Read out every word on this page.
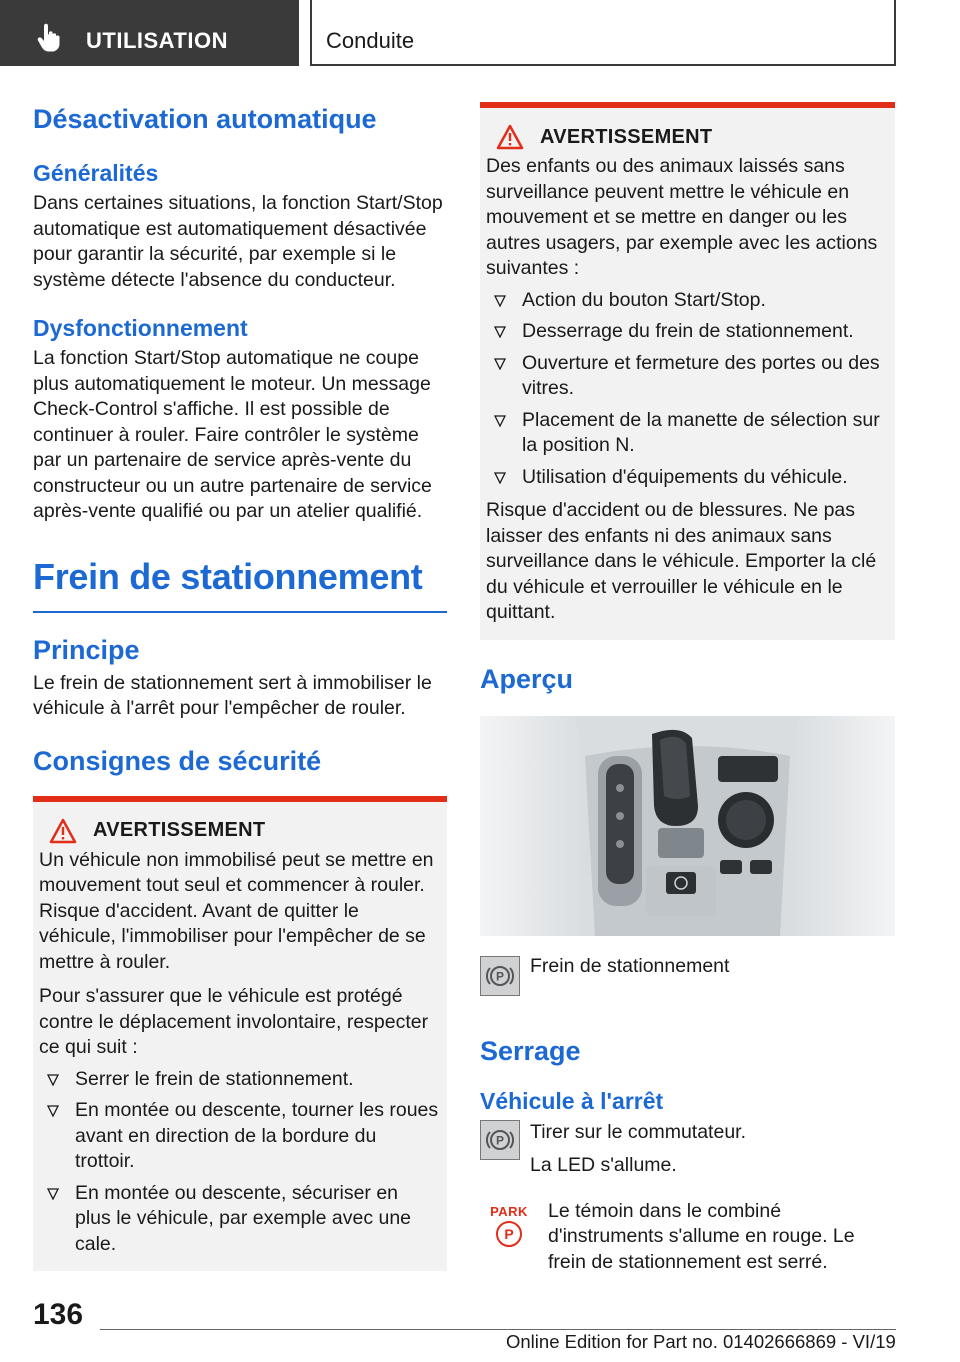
UTILISATION	Conduite
Désactivation automatique
Généralités

Dans certaines situations, la fonction Start/Stop automatique est automatiquement désactivée pour garantir la sécurité, par exemple si le système détecte l'absence du conducteur.

Dysfonctionnement

La fonction Start/Stop automatique ne coupe plus automatiquement le moteur. Un message Check-Control s'affiche. Il est possible de continuer à rouler. Faire contrôler le système par un partenaire de service après-vente du constructeur ou un autre partenaire de service après-vente qualifié ou par un atelier qualifié.

Frein de stationnement
Principe

Le frein de stationnement sert à immobiliser le véhicule à l'arrêt pour l'empêcher de rouler.

Consignes de sécurité
AVERTISSEMENT

Un véhicule non immobilisé peut se mettre en mouvement tout seul et commencer à rouler. Risque d'accident. Avant de quitter le véhicule, l'immobiliser pour l'empêcher de se mettre à rouler.

Pour s'assurer que le véhicule est protégé contre le déplacement involontaire, respecter ce qui suit :

Serrer le frein de stationnement.
En montée ou descente, tourner les roues avant en direction de la bordure du trottoir.
En montée ou descente, sécuriser en plus le véhicule, par exemple avec une cale.
AVERTISSEMENT

Des enfants ou des animaux laissés sans surveillance peuvent mettre le véhicule en mouvement et se mettre en danger ou les autres usagers, par exemple avec les actions suivantes :

Action du bouton Start/Stop.
Desserrage du frein de stationnement.
Ouverture et fermeture des portes ou des vitres.
Placement de la manette de sélection sur la position N.
Utilisation d'équipements du véhicule.

Risque d'accident ou de blessures. Ne pas laisser des enfants ni des animaux sans surveillance dans le véhicule. Emporter la clé du véhicule et verrouiller le véhicule en le quittant.

Aperçu
P Frein de stationnement

Serrage
Véhicule à l'arrêt
P Tirer sur le commutateur.

La LED s'allume.

PARK
P

Le témoin dans le combiné d'instruments s'allume en rouge. Le frein de stationnement est serré.

136
Online Edition for Part no. 01402666869 - VI/19
